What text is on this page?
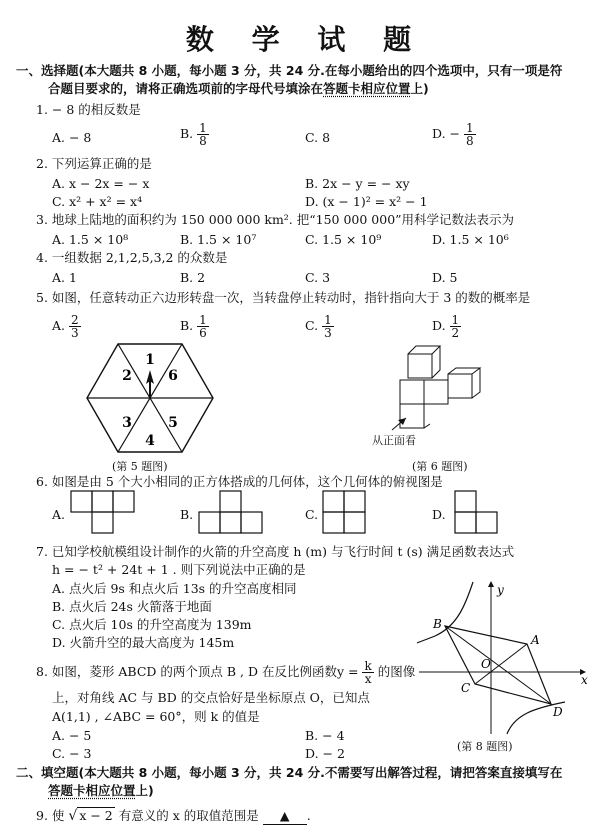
数 学 试 题
一、选择题(本大题共 8 小题，每小题 3 分，共 24 分.在每小题给出的四个选项中，只有一项是符
合题目要求的，请将正确选项前的字母代号填涂在答题卡相应位置上)
1. − 8 的相反数是
A. − 8	B. $\frac{1}{8}$	C. 8	D. − $\frac{1}{8}$
2. 下列运算正确的是
A. x − 2x = − x	B. 2x − y = − xy
C. x² + x² = x⁴	D. (x − 1)² = x² − 1
3. 地球上陆地的面积约为 150 000 000 km². 把“150 000 000”用科学记数法表示为
A. 1.5 × 10⁸	B. 1.5 × 10⁷	C. 1.5 × 10⁹	D. 1.5 × 10⁶
4. 一组数据 2,1,2,5,3,2 的众数是
A. 1	B. 2	C. 3	D. 5
5. 如图，任意转动正六边形转盘一次，当转盘停止转动时，指针指向大于 3 的数的概率是
A. $\frac{2}{3}$	B. $\frac{1}{6}$	C. $\frac{1}{3}$	D. $\frac{1}{2}$
1
6
5
4
3
2
(第 5 题图)
从正面看
(第 6 题图)
6. 如图是由 5 个大小相同的正方体搭成的几何体，这个几何体的俯视图是
A.	B.	C.	D.
7. 已知学校航模组设计制作的火箭的升空高度 h (m) 与飞行时间 t (s) 满足函数表达式
h = − t² + 24t + 1 . 则下列说法中正确的是
A. 点火后 9s 和点火后 13s 的升空高度相同
B. 点火后 24s 火箭落于地面
C. 点火后 10s 的升空高度为 139m
D. 火箭升空的最大高度为 145m
8. 如图，菱形 ABCD 的两个顶点 B , D 在反比例函数$y = \frac{k}{x}$ 的图像
上，对角线 AC 与 BD 的交点恰好是坐标原点 O，已知点
A(1,1) , ∠ABC = 60°，则 k 的值是
A. − 5	B. − 4
C. − 3	D. − 2
y
x
O
A
B
C
D
(第 8 题图)
二、填空题(本大题共 8 小题，每小题 3 分，共 24 分.不需要写出解答过程，请把答案直接填写在
答题卡相应位置上)
9. 使 √ x − 2 有意义的 x 的取值范围是 ▲ .
